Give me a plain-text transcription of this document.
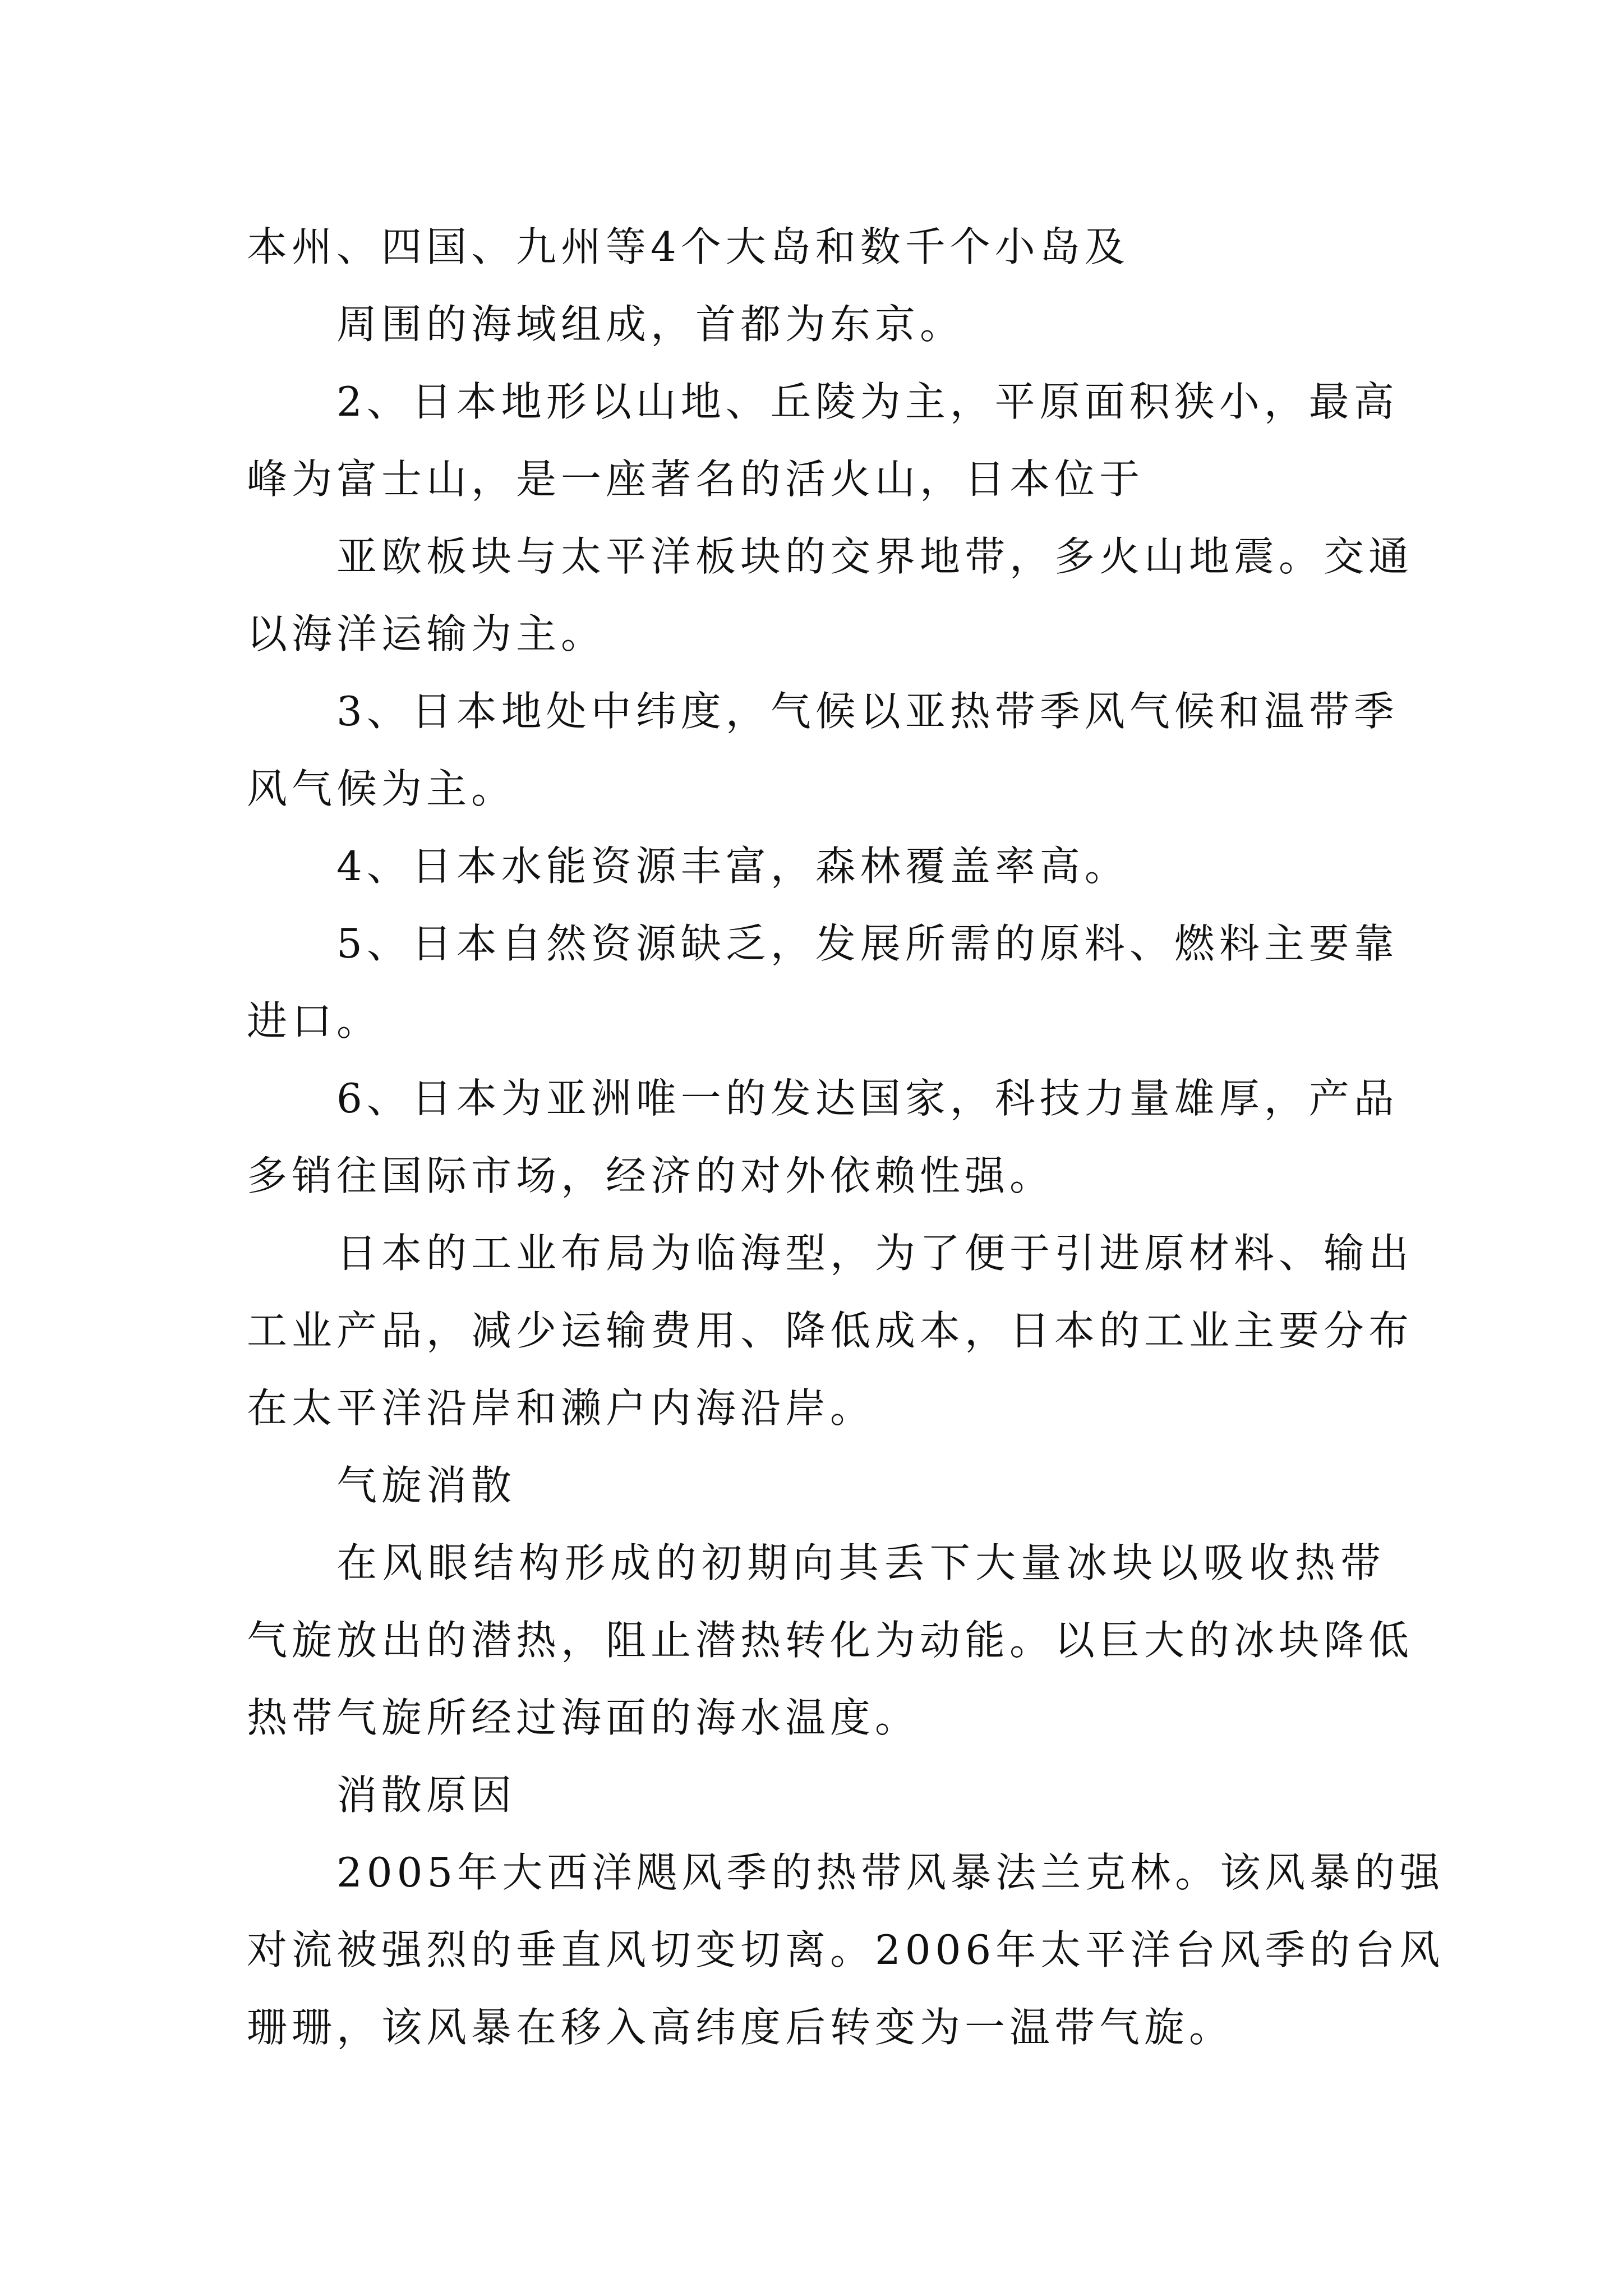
本州、四国、九州等4个大岛和数千个小岛及
周围的海域组成，首都为东京。
2、日本地形以山地、丘陵为主，平原面积狭小，最高
峰为富士山，是一座著名的活火山，日本位于
亚欧板块与太平洋板块的交界地带，多火山地震。交通
以海洋运输为主。
3、日本地处中纬度，气候以亚热带季风气候和温带季
风气候为主。
4、日本水能资源丰富，森林覆盖率高。
5、日本自然资源缺乏，发展所需的原料、燃料主要靠
进口。
6、日本为亚洲唯一的发达国家，科技力量雄厚，产品
多销往国际市场，经济的对外依赖性强。
日本的工业布局为临海型，为了便于引进原材料、输出
工业产品，减少运输费用、降低成本，日本的工业主要分布
在太平洋沿岸和濑户内海沿岸。
气旋消散
在风眼结构形成的初期向其丢下大量冰块以吸收热带
气旋放出的潜热，阻止潜热转化为动能。以巨大的冰块降低
热带气旋所经过海面的海水温度。
消散原因
2005年大西洋飓风季的热带风暴法兰克林。该风暴的强
对流被强烈的垂直风切变切离。2006年太平洋台风季的台风
珊珊，该风暴在移入高纬度后转变为一温带气旋。
